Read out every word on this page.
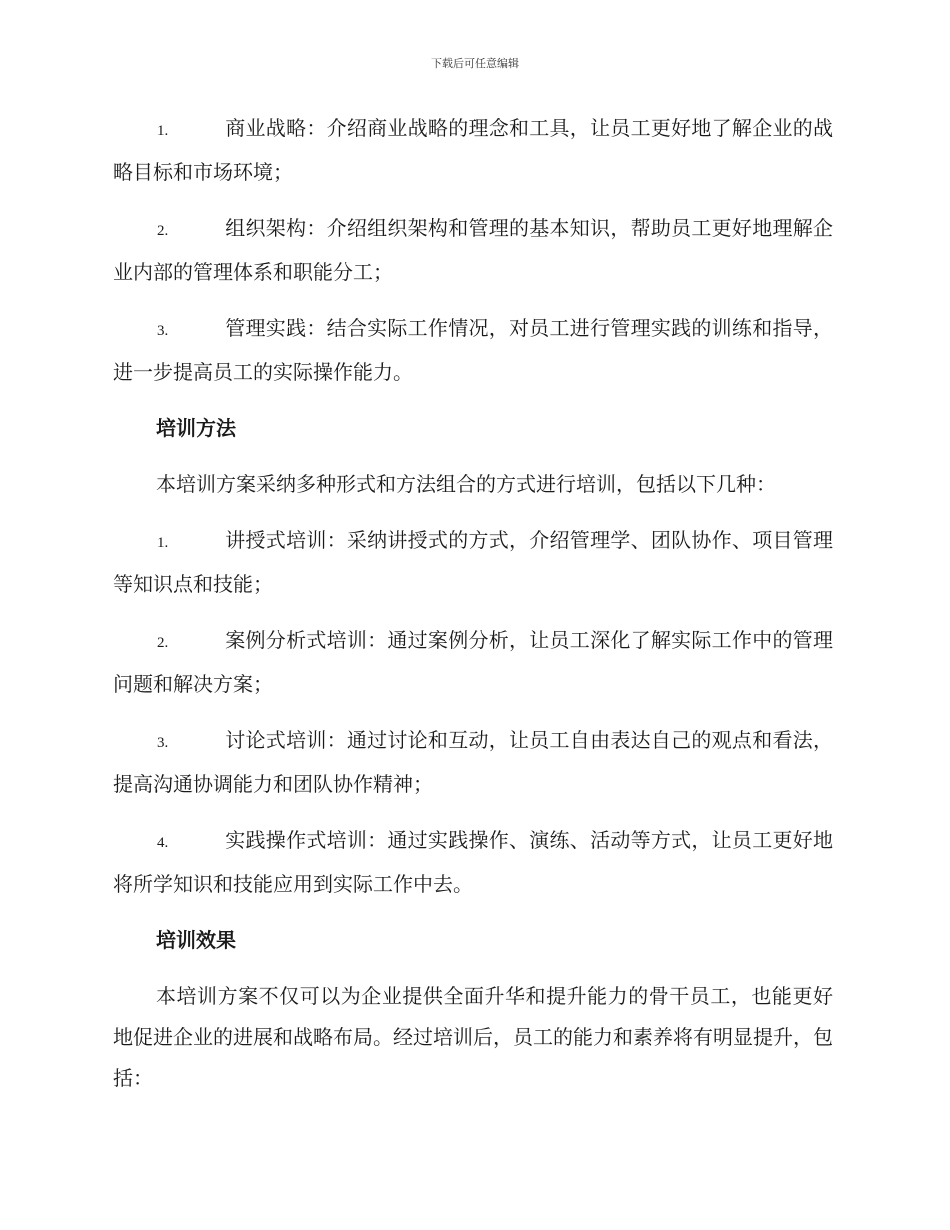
下载后可任意编辑
1.	商业战略：介绍商业战略的理念和工具，让员工更好地了解企业的战略目标和市场环境；
2.	组织架构：介绍组织架构和管理的基本知识，帮助员工更好地理解企业内部的管理体系和职能分工；
3.	管理实践：结合实际工作情况，对员工进行管理实践的训练和指导，进一步提高员工的实际操作能力。
培训方法
本培训方案采纳多种形式和方法组合的方式进行培训，包括以下几种：
1.	讲授式培训：采纳讲授式的方式，介绍管理学、团队协作、项目管理等知识点和技能；
2.	案例分析式培训：通过案例分析，让员工深化了解实际工作中的管理问题和解决方案；
3.	讨论式培训：通过讨论和互动，让员工自由表达自己的观点和看法，提高沟通协调能力和团队协作精神；
4.	实践操作式培训：通过实践操作、演练、活动等方式，让员工更好地将所学知识和技能应用到实际工作中去。
培训效果
本培训方案不仅可以为企业提供全面升华和提升能力的骨干员工，也能更好地促进企业的进展和战略布局。经过培训后，员工的能力和素养将有明显提升，包括：
